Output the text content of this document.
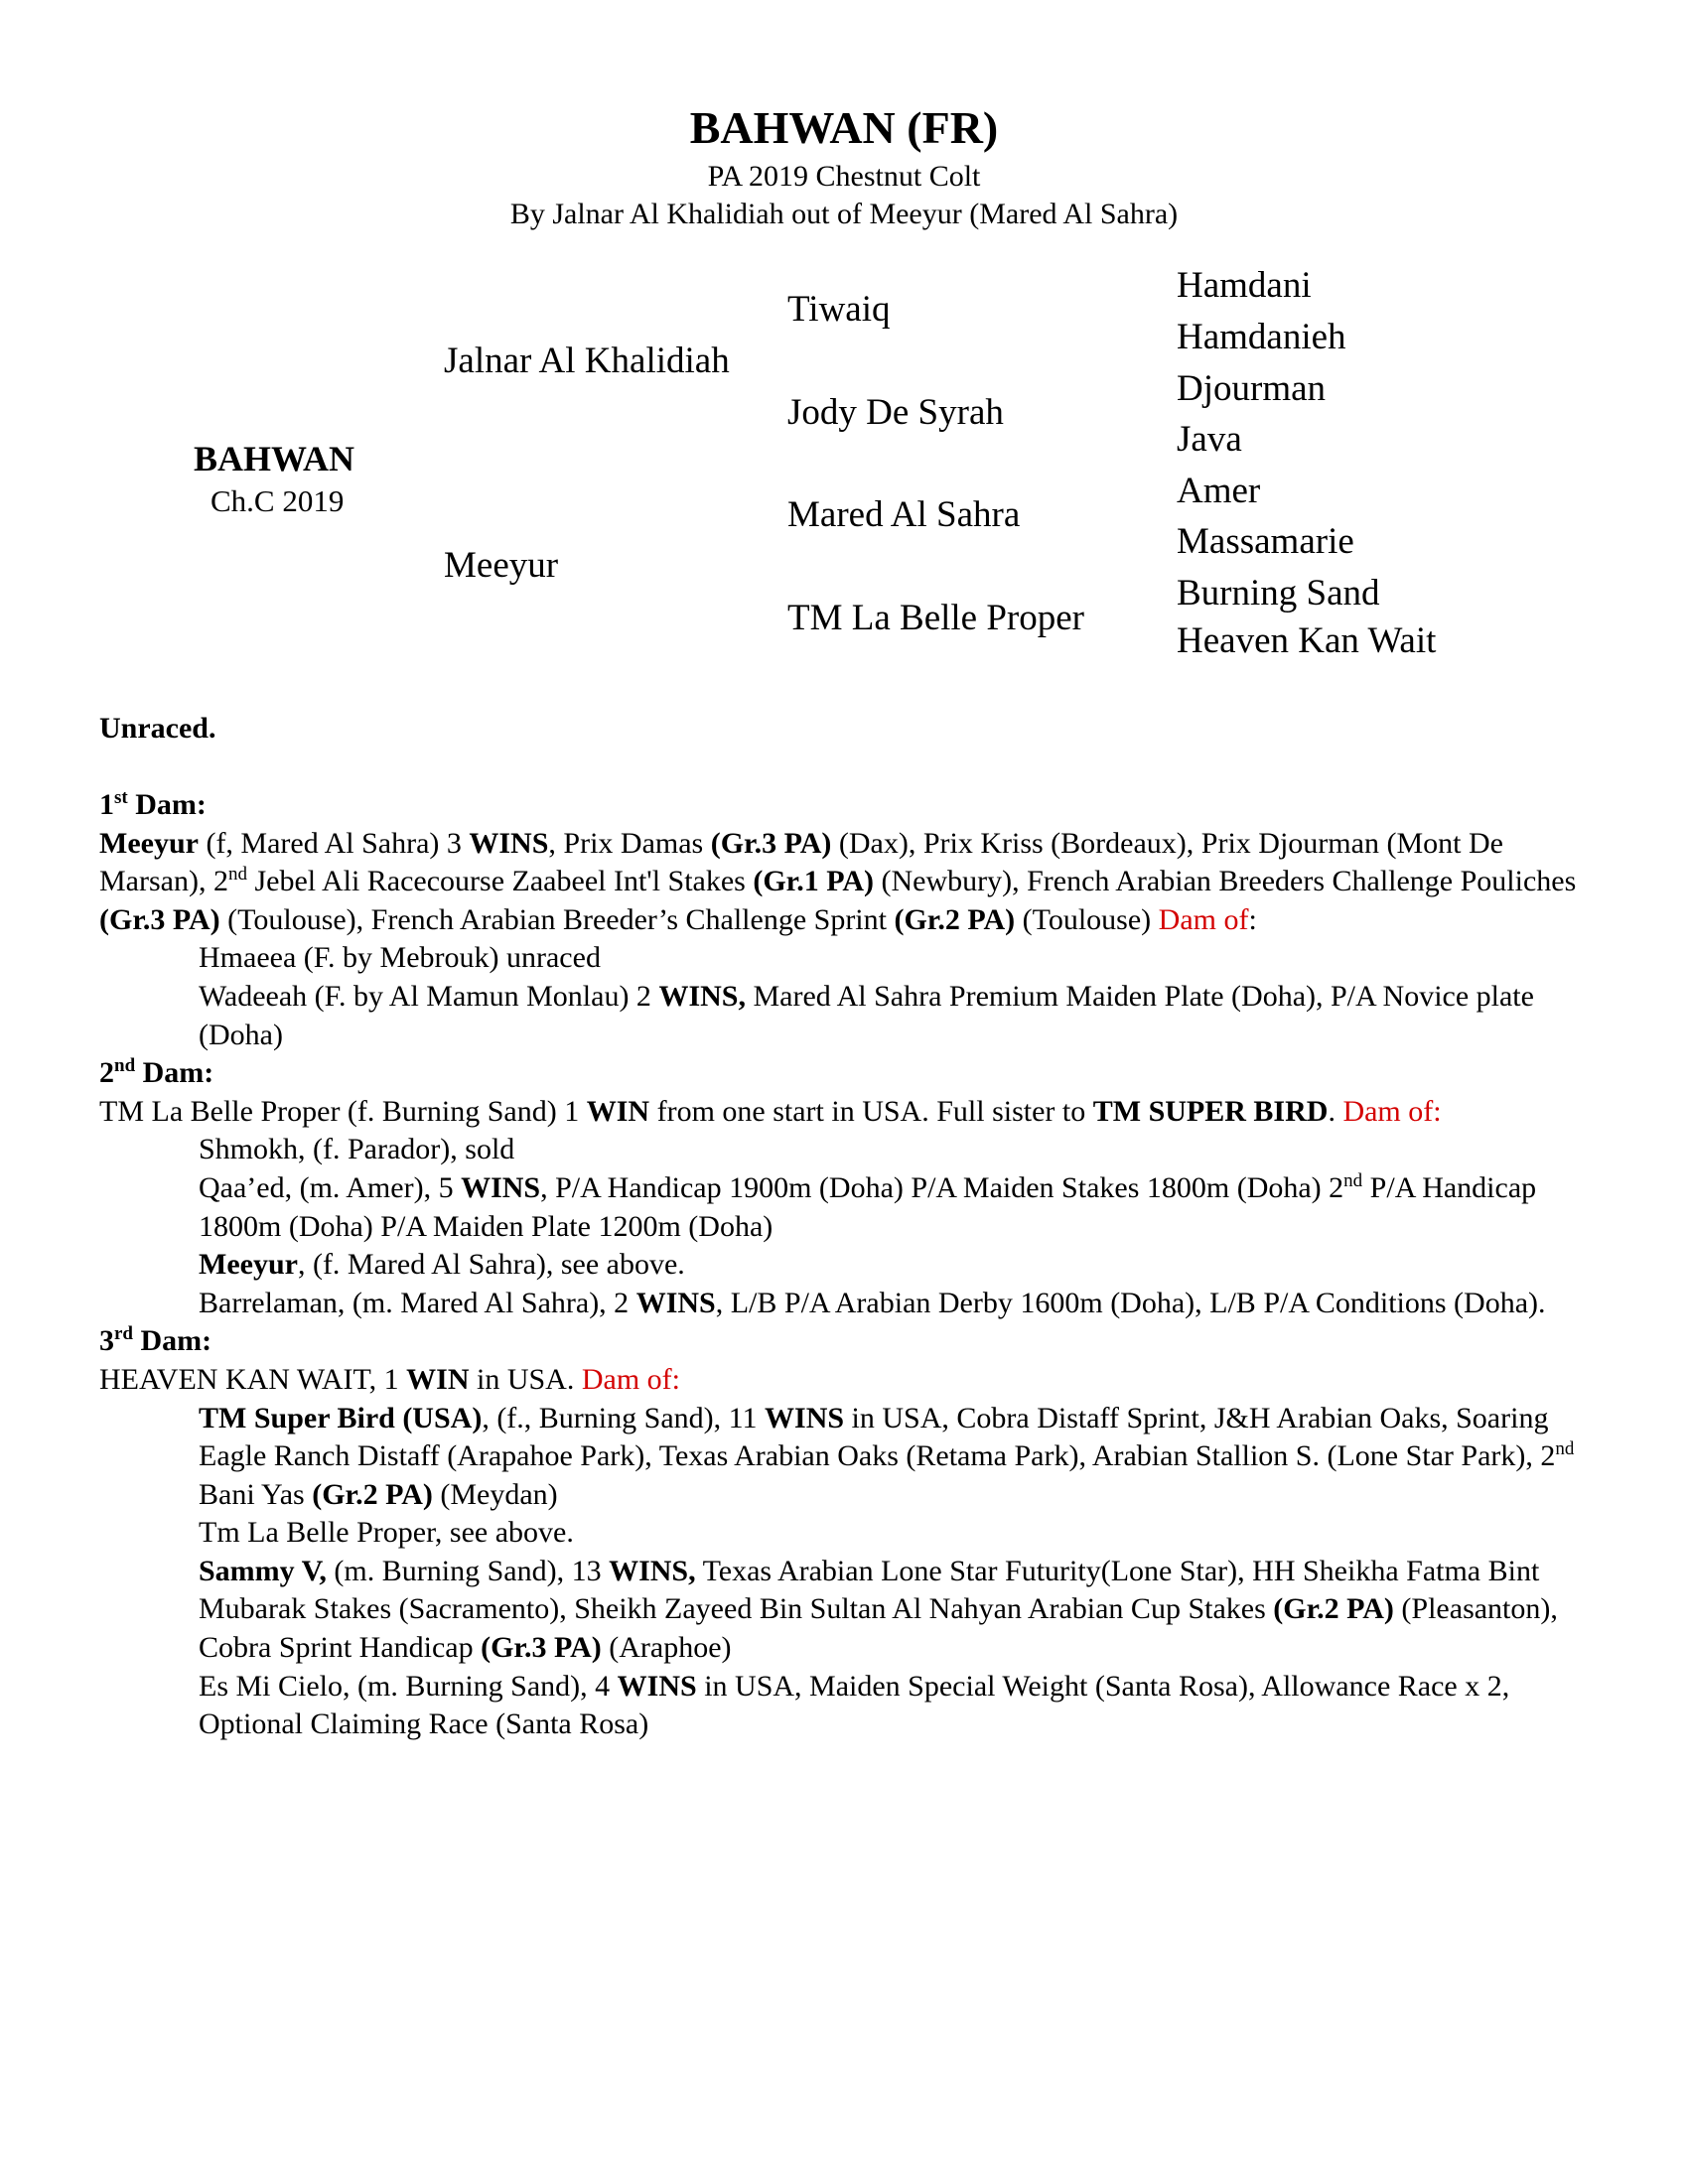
BAHWAN (FR)
PA 2019 Chestnut Colt
By Jalnar Al Khalidiah out of Meeyur (Mared Al Sahra)
BAHWAN
Ch.C 2019
Jalnar Al Khalidiah
Meeyur
Tiwaiq
Jody De Syrah
Mared Al Sahra
TM La Belle Proper
Hamdani
Hamdanieh
Djourman
Java
Amer
Massamarie
Burning Sand
Heaven Kan Wait
Unraced.

1st Dam:

Meeyur (f, Mared Al Sahra) 3 WINS, Prix Damas (Gr.3 PA) (Dax), Prix Kriss (Bordeaux), Prix Djourman (Mont De Marsan), 2nd Jebel Ali Racecourse Zaabeel Int'l Stakes (Gr.1 PA) (Newbury), French Arabian Breeders Challenge Pouliches (Gr.3 PA) (Toulouse), French Arabian Breeder’s Challenge Sprint (Gr.2 PA) (Toulouse) Dam of:

Hmaeea (F. by Mebrouk) unraced

Wadeeah (F. by Al Mamun Monlau) 2 WINS, Mared Al Sahra Premium Maiden Plate (Doha), P/A Novice plate (Doha)

2nd Dam:

TM La Belle Proper (f. Burning Sand) 1 WIN from one start in USA. Full sister to TM SUPER BIRD. Dam of:

Shmokh, (f. Parador), sold

Qaa’ed, (m. Amer), 5 WINS, P/A Handicap 1900m (Doha) P/A Maiden Stakes 1800m (Doha) 2nd P/A Handicap 1800m (Doha) P/A Maiden Plate 1200m (Doha)

Meeyur, (f. Mared Al Sahra), see above.

Barrelaman, (m. Mared Al Sahra), 2 WINS, L/B P/A Arabian Derby 1600m (Doha), L/B P/A Conditions (Doha).

3rd Dam:

HEAVEN KAN WAIT, 1 WIN in USA. Dam of:

TM Super Bird (USA), (f., Burning Sand), 11 WINS in USA, Cobra Distaff Sprint, J&H Arabian Oaks, Soaring Eagle Ranch Distaff (Arapahoe Park), Texas Arabian Oaks (Retama Park), Arabian Stallion S. (Lone Star Park), 2nd Bani Yas (Gr.2 PA) (Meydan)

Tm La Belle Proper, see above.

Sammy V, (m. Burning Sand), 13 WINS, Texas Arabian Lone Star Futurity(Lone Star), HH Sheikha Fatma Bint Mubarak Stakes (Sacramento), Sheikh Zayeed Bin Sultan Al Nahyan Arabian Cup Stakes (Gr.2 PA) (Pleasanton), Cobra Sprint Handicap (Gr.3 PA) (Araphoe)

Es Mi Cielo, (m. Burning Sand), 4 WINS in USA, Maiden Special Weight (Santa Rosa), Allowance Race x 2, Optional Claiming Race (Santa Rosa)
